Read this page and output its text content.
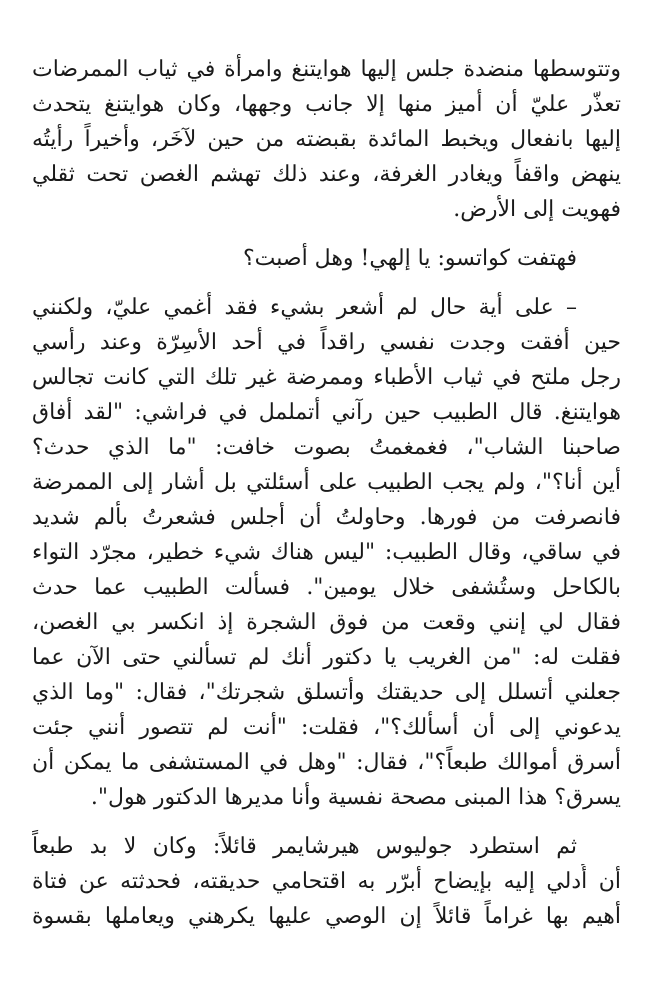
وتتوسطها منضدة جلس إليها هوايتنغ وامرأة في ثياب الممرضات
تعذّر عليّ أن أميز منها إلا جانب وجهها، وكان هوايتنغ يتحدث
إليها بانفعال ويخبط المائدة بقبضته من حين لآخَر، وأخيراً رأيتُه
ينهض واقفاً ويغادر الغرفة، وعند ذلك تهشم الغصن تحت ثقلي
فهويت إلى الأرض.
فهتفت كواتسو: يا إلهي! وهل أصبت؟
– على أية حال لم أشعر بشيء فقد أغمي عليّ، ولكنني
حين أفقت وجدت نفسي راقداً في أحد الأسِرّة وعند رأسي
رجل ملتح في ثياب الأطباء وممرضة غير تلك التي كانت تجالس
هوايتنغ. قال الطبيب حين رآني أتململ في فراشي: "لقد أفاق
صاحبنا الشاب"، فغمغمتُ بصوت خافت: "ما الذي حدث؟
أين أنا؟"، ولم يجب الطبيب على أسئلتي بل أشار إلى الممرضة
فانصرفت من فورها. وحاولتُ أن أجلس فشعرتُ بألم شديد
في ساقي، وقال الطبيب: "ليس هناك شيء خطير، مجرّد التواء
بالكاحل وستُشفى خلال يومين". فسألت الطبيب عما حدث
فقال لي إنني وقعت من فوق الشجرة إذ انكسر بي الغصن،
فقلت له: "من الغريب يا دكتور أنك لم تسألني حتى الآن عما
جعلني أتسلل إلى حديقتك وأتسلق شجرتك"، فقال: "وما الذي
يدعوني إلى أن أسألك؟"، فقلت: "أنت لم تتصور أنني جئت
أسرق أموالك طبعاً؟"، فقال: "وهل في المستشفى ما يمكن أن
يسرق؟ هذا المبنى مصحة نفسية وأنا مديرها الدكتور هول".
ثم استطرد جوليوس هيرشايمر قائلاً: وكان لا بد طبعاً
أن أُدلي إليه بإيضاح أبرّر به اقتحامي حديقته، فحدثته عن فتاة
أهيم بها غراماً قائلاً إن الوصي عليها يكرهني ويعاملها بقسوة
